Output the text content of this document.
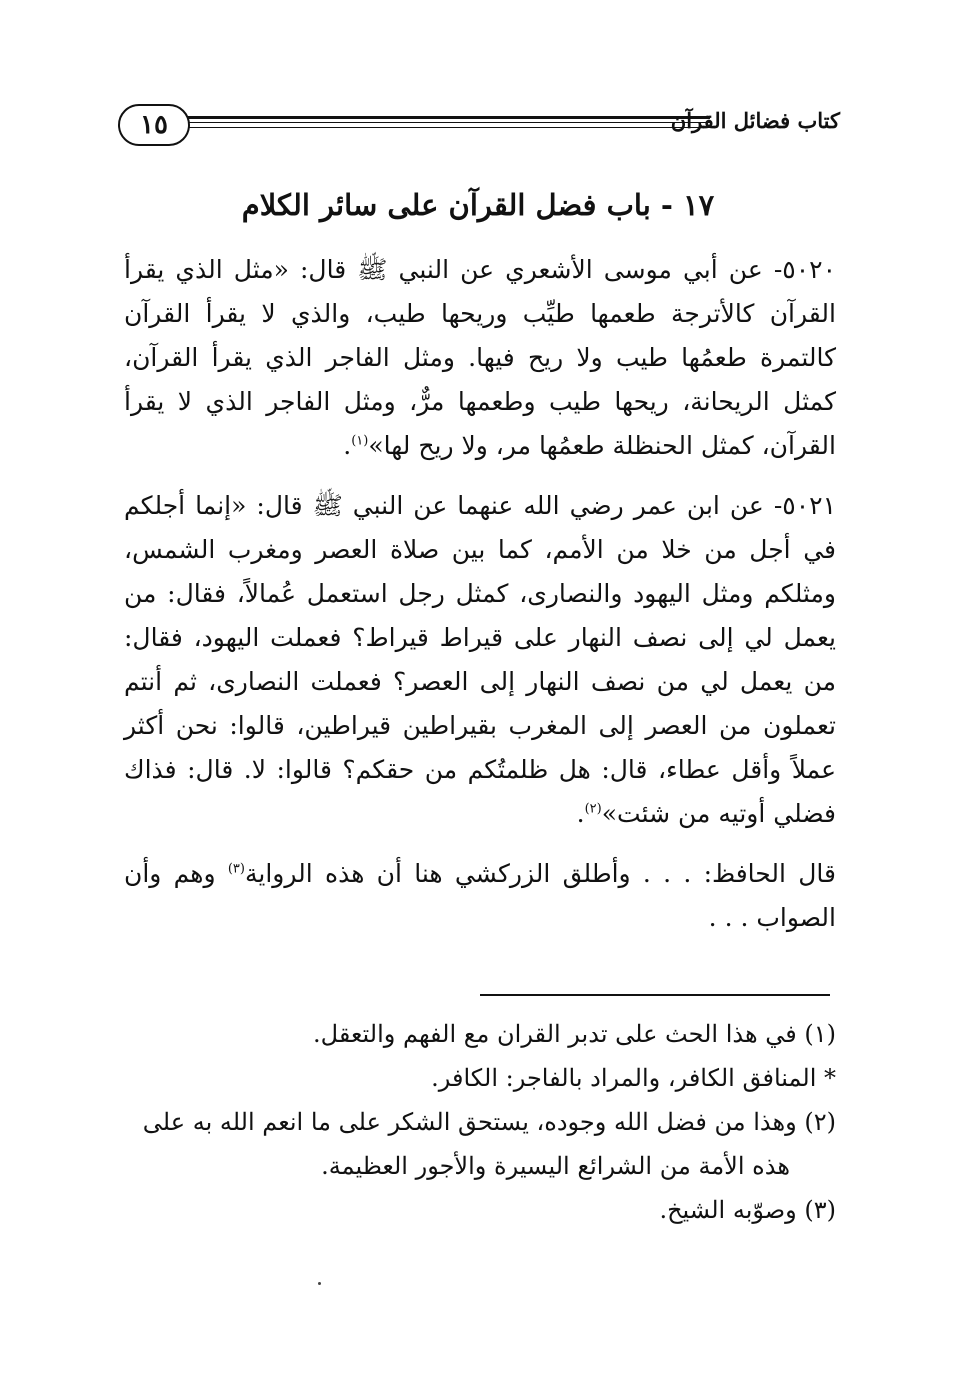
١٥	كتاب فضائل القرآن
١٧ - باب فضل القرآن على سائر الكلام

٥٠٢٠- عن أبي موسى الأشعري عن النبي ﷺ قال: «مثل الذي يقرأ القرآن كالأترجة طعمها طيِّب وريحها طيب، والذي لا يقرأ القرآن كالتمرة طعمُها طيب ولا ريح فيها. ومثل الفاجر الذي يقرأ القرآن، كمثل الريحانة، ريحها طيب وطعمها مرٌّ، ومثل الفاجر الذي لا يقرأ القرآن، كمثل الحنظلة طعمُها مر، ولا ريح لها»$^{(١)}$.

٥٠٢١- عن ابن عمر رضي الله عنهما عن النبي ﷺ قال: «إنما أجلكم في أجل من خلا من الأمم، كما بين صلاة العصر ومغرب الشمس، ومثلكم ومثل اليهود والنصارى، كمثل رجل استعمل عُمالاً، فقال: من يعمل لي إلى نصف النهار على قيراط قيراط؟ فعملت اليهود، فقال: من يعمل لي من نصف النهار إلى العصر؟ فعملت النصارى، ثم أنتم تعملون من العصر إلى المغرب بقيراطين قيراطين، قالوا: نحن أكثر عملاً وأقل عطاء، قال: هل ظلمتُكم من حقكم؟ قالوا: لا. قال: فذاك فضلي أوتيه من شئت»$^{(٢)}$.

قال الحافظ: . . . وأطلق الزركشي هنا أن هذه الرواية$^{(٣)}$ وهم وأن الصواب . . .

(١) في هذا الحث على تدبر القران مع الفهم والتعقل.

* المنافق الكافر، والمراد بالفاجر: الكافر.

(٢) وهذا من فضل الله وجوده، يستحق الشكر على ما انعم الله به على

هذه الأمة من الشرائع اليسيرة والأجور العظيمة.

(٣) وصوّبه الشيخ.
